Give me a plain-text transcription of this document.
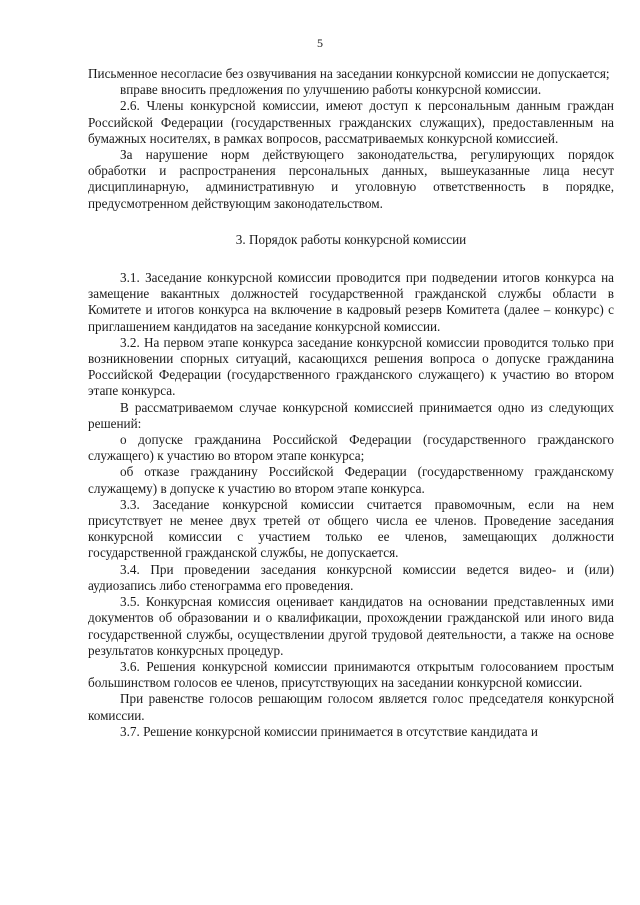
5

Письменное несогласие без озвучивания на заседании конкурсной комиссии не допускается;

вправе вносить предложения по улучшению работы конкурсной комиссии.

2.6. Члены конкурсной комиссии, имеют доступ к персональным данным граждан Российской Федерации (государственных гражданских служащих), предоставленным на бумажных носителях, в рамках вопросов, рассматриваемых конкурсной комиссией.

За нарушение норм действующего законодательства, регулирующих порядок обработки и распространения персональных данных, вышеуказанные лица несут дисциплинарную, административную и уголовную ответственность в порядке, предусмотренном действующим законодательством.

3. Порядок работы конкурсной комиссии

3.1. Заседание конкурсной комиссии проводится при подведении итогов конкурса на замещение вакантных должностей государственной гражданской службы области в Комитете и итогов конкурса на включение в кадровый резерв Комитета (далее – конкурс) с приглашением кандидатов на заседание конкурсной комиссии.

3.2. На первом этапе конкурса заседание конкурсной комиссии проводится только при возникновении спорных ситуаций, касающихся решения вопроса о допуске гражданина Российской Федерации (государственного гражданского служащего) к участию во втором этапе конкурса.

В рассматриваемом случае конкурсной комиссией принимается одно из следующих решений:

о допуске гражданина Российской Федерации (государственного гражданского служащего) к участию во втором этапе конкурса;

об отказе гражданину Российской Федерации (государственному гражданскому служащему) в допуске к участию во втором этапе конкурса.

3.3. Заседание конкурсной комиссии считается правомочным, если на нем присутствует не менее двух третей от общего числа ее членов. Проведение заседания конкурсной комиссии с участием только ее членов, замещающих должности государственной гражданской службы, не допускается.

3.4. При проведении заседания конкурсной комиссии ведется видео- и (или) аудиозапись либо стенограмма его проведения.

3.5. Конкурсная комиссия оценивает кандидатов на основании представленных ими документов об образовании и о квалификации, прохождении гражданской или иного вида государственной службы, осуществлении другой трудовой деятельности, а также на основе результатов конкурсных процедур.

3.6. Решения конкурсной комиссии принимаются открытым голосованием простым большинством голосов ее членов, присутствующих на заседании конкурсной комиссии.

При равенстве голосов решающим голосом является голос председателя конкурсной комиссии.

3.7. Решение конкурсной комиссии принимается в отсутствие кандидата и
